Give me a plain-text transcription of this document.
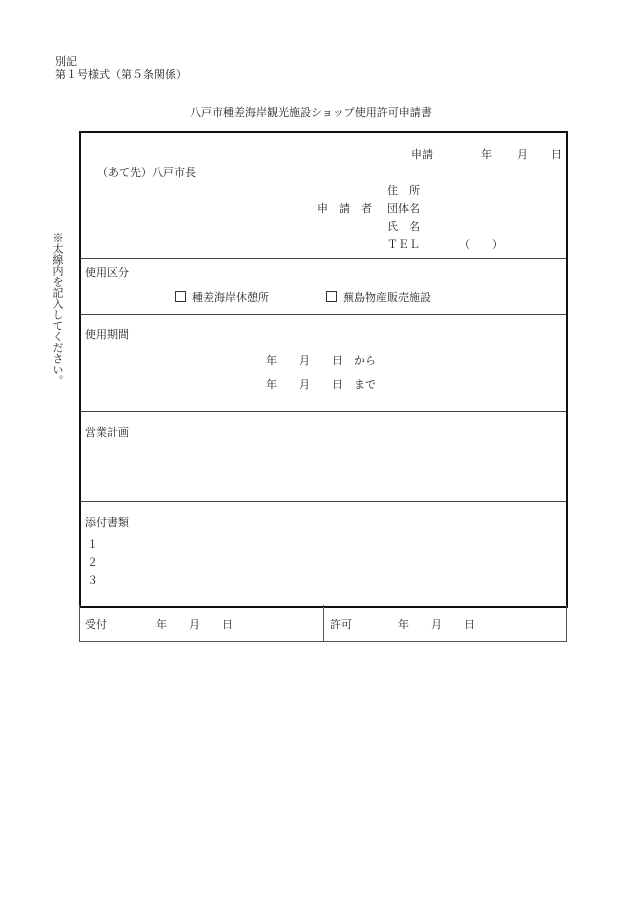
別記
第１号様式（第５条関係）
八戸市種差海岸観光施設ショップ使用許可申請書
※太線内を記入してください。
申請	年 月 日
（あて先）八戸市長
住　所
申　請　者 団体名
氏　名
ＴＥＬ	（　　）
使用区分
種差海岸休憩所	蕪島物産販売施設
使用期間
年　　月　　日　から
年　　月　　日　まで
営業計画
添付書類
１
２
３
受付	年　　月　　日	許可	年　　月　　日
